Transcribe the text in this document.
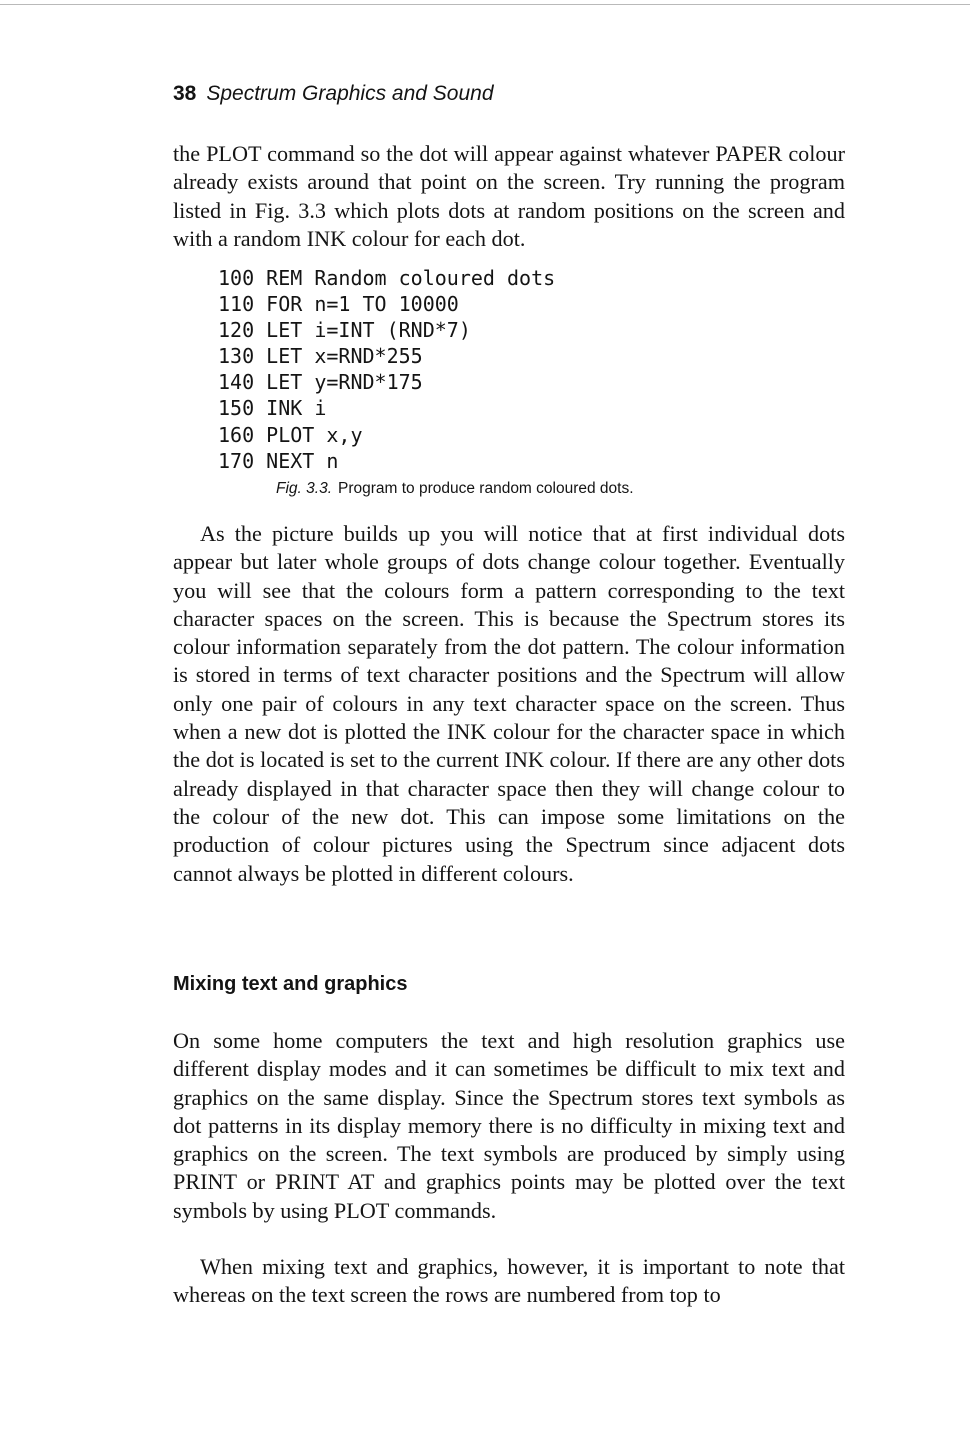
38 Spectrum Graphics and Sound

the PLOT command so the dot will appear against whatever PAPER colour already exists around that point on the screen. Try running the program listed in Fig. 3.3 which plots dots at random positions on the screen and with a random INK colour for each dot.

100 REM Random coloured dots
110 FOR n=1 TO 10000
120 LET i=INT (RND*7)
130 LET x=RND*255
140 LET y=RND*175
150 INK i
160 PLOT x,y
170 NEXT n
Fig. 3.3. Program to produce random coloured dots.

As the picture builds up you will notice that at first individual dots appear but later whole groups of dots change colour together. Eventually you will see that the colours form a pattern corresponding to the text character spaces on the screen. This is because the Spectrum stores its colour information separately from the dot pattern. The colour information is stored in terms of text character positions and the Spectrum will allow only one pair of colours in any text character space on the screen. Thus when a new dot is plotted the INK colour for the character space in which the dot is located is set to the current INK colour. If there are any other dots already displayed in that character space then they will change colour to the colour of the new dot. This can impose some limitations on the production of colour pictures using the Spectrum since adjacent dots cannot always be plotted in different colours.

Mixing text and graphics

On some home computers the text and high resolution graphics use different display modes and it can sometimes be difficult to mix text and graphics on the same display. Since the Spectrum stores text symbols as dot patterns in its display memory there is no difficulty in mixing text and graphics on the screen. The text symbols are produced by simply using PRINT or PRINT AT and graphics points may be plotted over the text symbols by using PLOT commands.

When mixing text and graphics, however, it is important to note that whereas on the text screen the rows are numbered from top to
